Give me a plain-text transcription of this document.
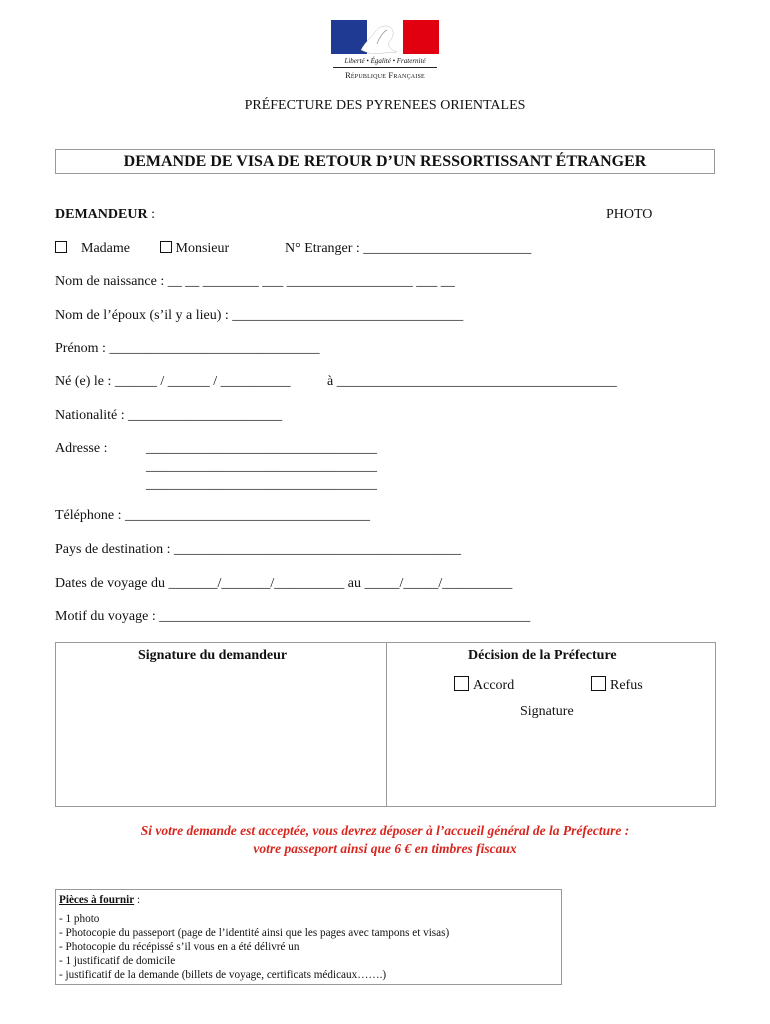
Liberté • Égalité • Fraternité
République Française
PRÉFECTURE DES PYRENEES ORIENTALES
DEMANDE DE VISA DE RETOUR D’UN RESSORTISSANT ÉTRANGER
DEMANDEUR :	PHOTO
Madame	Monsieur	N° Etranger : ________________________
Nom de naissance : __ __ ________ ___ __________________ ___ __
Nom de l’époux (s’il y a lieu) : _________________________________
Prénom : ______________________________
Né (e) le : ______ / ______ / __________	à ________________________________________
Nationalité : ______________________
Adresse :	_________________________________
_________________________________
_________________________________
Téléphone : ___________________________________
Pays de destination : _________________________________________
Dates de voyage du _______/_______/__________ au _____/_____/__________
Motif du voyage : _____________________________________________________
Signature du demandeur	Décision de la Préfecture
Accord	Refus
Signature
Si votre demande est acceptée, vous devrez déposer à l’accueil général de la Préfecture :
votre passeport ainsi que 6 € en timbres fiscaux
Pièces à fournir :
- 1 photo
- Photocopie du passeport (page de l’identité ainsi que les pages avec tampons et visas)
- Photocopie du récépissé s’il vous en a été délivré un
- 1 justificatif de domicile
- justificatif de la demande (billets de voyage, certificats médicaux…….)
